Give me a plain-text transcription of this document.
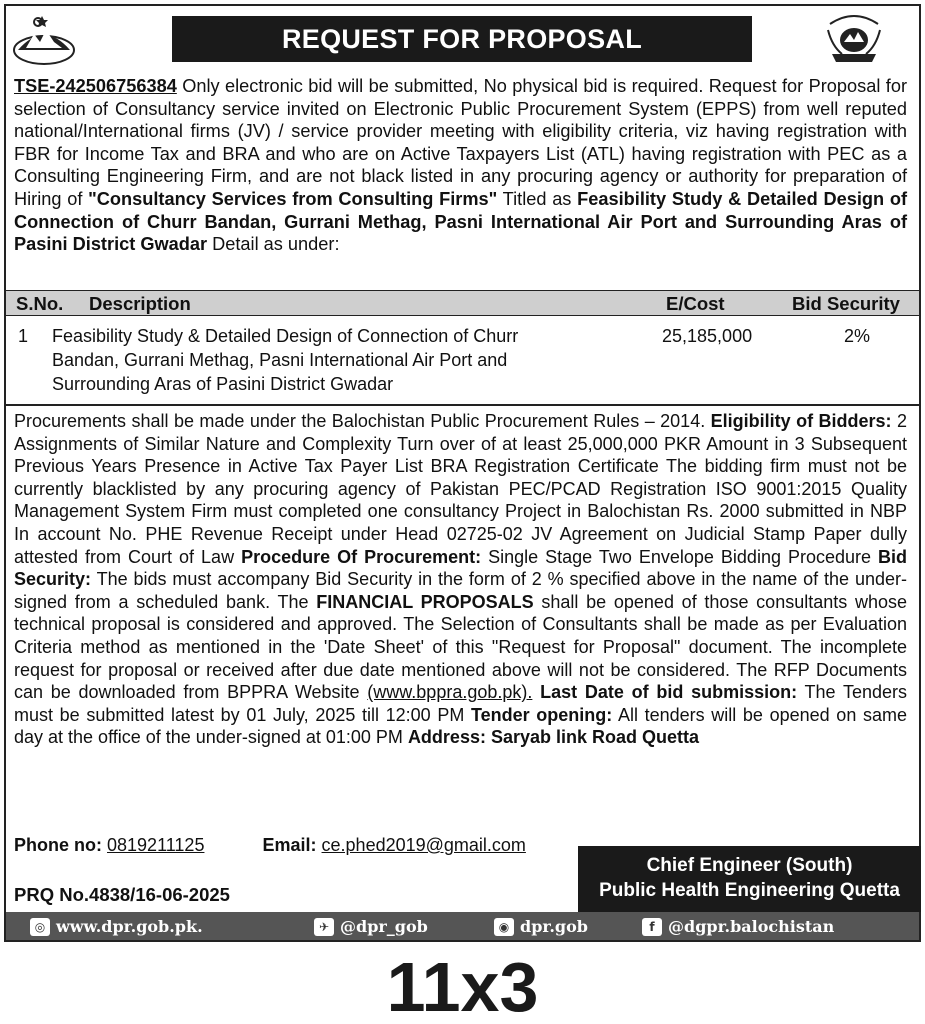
REQUEST FOR PROPOSAL
TSE-242506756384 Only electronic bid will be submitted, No physical bid is required. Request for Proposal for selection of Consultancy service invited on Electronic Public Procurement System (EPPS) from well reputed national/International firms (JV) / service provider meeting with eligibility criteria, viz having registration with FBR for Income Tax and BRA and who are on Active Taxpayers List (ATL) having registration with PEC as a Consulting Engineering Firm, and are not black listed in any procuring agency or authority for preparation of Hiring of "Consultancy Services from Consulting Firms" Titled as Feasibility Study & Detailed Design of Connection of Churr Bandan, Gurrani Methag, Pasni International Air Port and Surrounding Aras of Pasini District Gwadar Detail as under:
S.No. Description	E/Cost	Bid Security
1 Feasibility Study & Detailed Design of Connection of Churr
Bandan, Gurrani Methag, Pasni International Air Port and
Surrounding Aras of Pasini District Gwadar
25,185,000	2%
Procurements shall be made under the Balochistan Public Procurement Rules – 2014. Eligibility of Bidders: 2 Assignments of Similar Nature and Complexity Turn over of at least 25,000,000 PKR Amount in 3 Subsequent Previous Years Presence in Active Tax Payer List BRA Registration Certificate The bidding firm must not be currently blacklisted by any procuring agency of Pakistan PEC/PCAD Registration ISO 9001:2015 Quality Management System Firm must completed one consultancy Project in Balochistan Rs. 2000 submitted in NBP In account No. PHE Revenue Receipt under Head 02725-02 JV Agreement on Judicial Stamp Paper dully attested from Court of Law Procedure Of Procurement: Single Stage Two Envelope Bidding Procedure Bid Security: The bids must accompany Bid Security in the form of 2 % specified above in the name of the under-signed from a scheduled bank. The FINANCIAL PROPOSALS shall be opened of those consultants whose technical proposal is considered and approved. The Selection of Consultants shall be made as per Evaluation Criteria method as mentioned in the 'Date Sheet' of this "Request for Proposal" document. The incomplete request for proposal or received after due date mentioned above will not be considered. The RFP Documents can be downloaded from BPPRA Website (www.bppra.gob.pk). Last Date of bid submission: The Tenders must be submitted latest by 01 July, 2025 till 12:00 PM Tender opening: All tenders will be opened on same day at the office of the under-signed at 01:00 PM Address: Saryab link Road Quetta
Phone no: 0819211125	Email: ce.phed2019@gmail.com
PRQ No.4838/16-06-2025
Chief Engineer (South)
Public Health Engineering Quetta
◎ www.dpr.gob.pk.	✈ @dpr_gob	◉ dpr.gob	f @dgpr.balochistan
11x3
